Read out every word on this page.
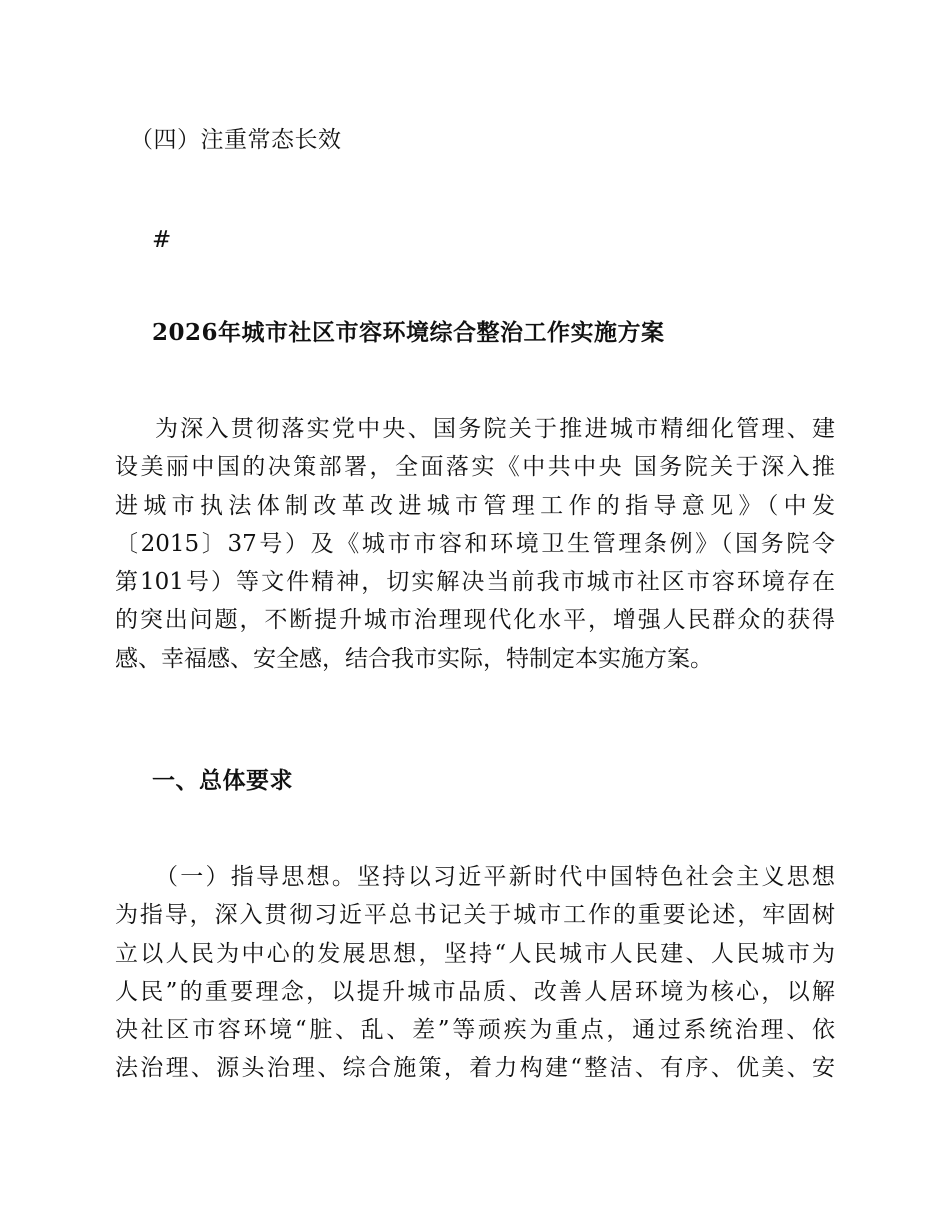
（四）注重常态长效
#
2026年城市社区市容环境综合整治工作实施方案
为深入贯彻落实党中央、国务院关于推进城市精细化管理、建
设美丽中国的决策部署，全面落实《中共中央 国务院关于深入推
进城市执法体制改革改进城市管理工作的指导意见》（中发
〔2015〕37号）及《城市市容和环境卫生管理条例》（国务院令
第101号）等文件精神，切实解决当前我市城市社区市容环境存在
的突出问题，不断提升城市治理现代化水平，增强人民群众的获得
感、幸福感、安全感，结合我市实际，特制定本实施方案。
一、总体要求
（一）指导思想。坚持以习近平新时代中国特色社会主义思想
为指导，深入贯彻习近平总书记关于城市工作的重要论述，牢固树
立以人民为中心的发展思想，坚持“人民城市人民建、人民城市为
人民”的重要理念，以提升城市品质、改善人居环境为核心，以解
决社区市容环境“脏、乱、差”等顽疾为重点，通过系统治理、依
法治理、源头治理、综合施策，着力构建“整洁、有序、优美、安
